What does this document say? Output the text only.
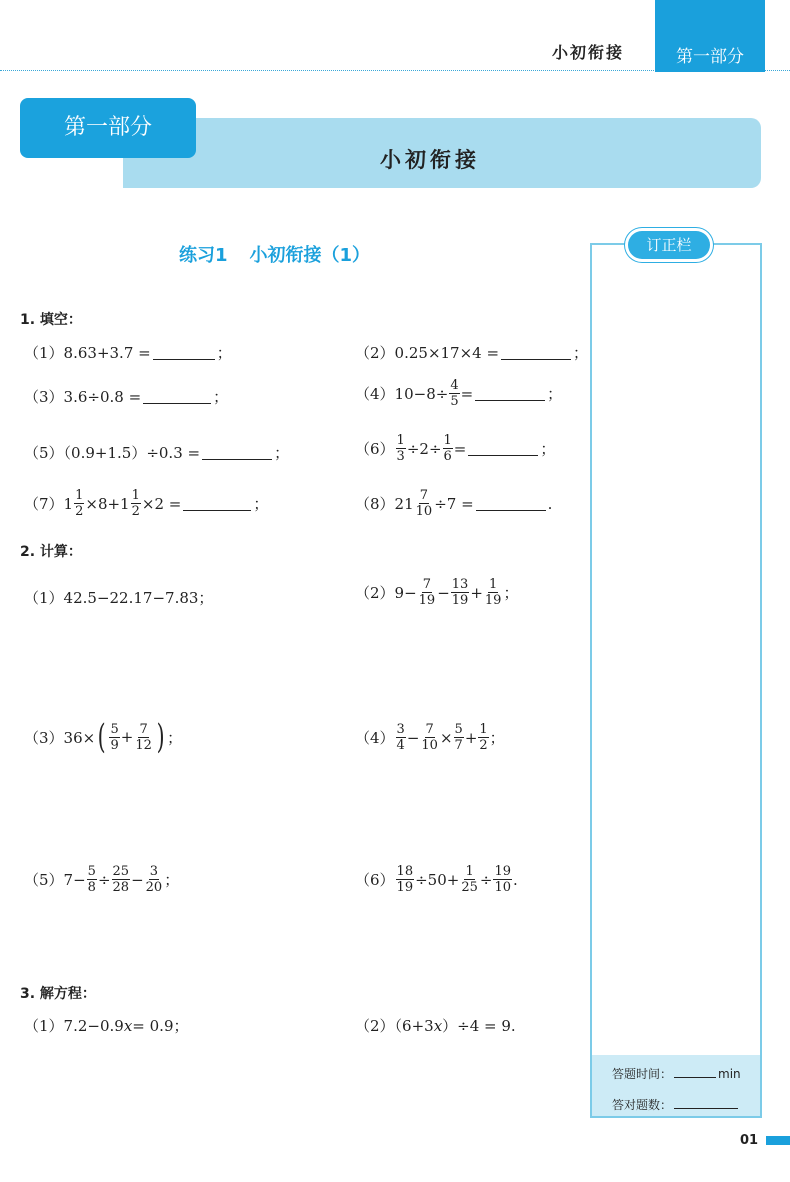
小初衔接	第一部分
小初衔接
第一部分
练习1 小初衔接（1）	订正栏
答题时间：	min
答对题数：
1. 填空：
（1）8.63+3.7 =	；	（2）0.25×17×4 =	；
（3）3.6÷0.8 =	；	$(4)10-8\div \frac{4}{5}$ =	；
（5）（0.9+1.5）÷0.3 =	；	$(6) \frac{1}{3} \div 2\div \frac{1}{6}$ =	；
$(7)1 \frac{1}{2} \times 8+1 \frac{1}{2} \times 2$ =	；	$(8)21 \frac{7}{10} \div 7$ =	.
2. 计算：
（1）42.5−22.17−7.83；	$(2)9- \frac{7}{19} - \frac{13}{19} + \frac{1}{19}$ ；
（3）36× ( $\frac{5}{9} + \frac{7}{12}$ ) ；	$(4) \frac{3}{4} - \frac{7}{10} \times \frac{5}{7} + \frac{1}{2}$ ；
$(5)7- \frac{5}{8} \div \frac{25}{28} - \frac{3}{20}$ ；	$(6) \frac{18}{19} \div 50+ \frac{1}{25} \div \frac{19}{10}$ .
3. 解方程：
（1）7.2−0.9 x = 0.9；	（2）（6+3 x ）÷4 = 9.
01
